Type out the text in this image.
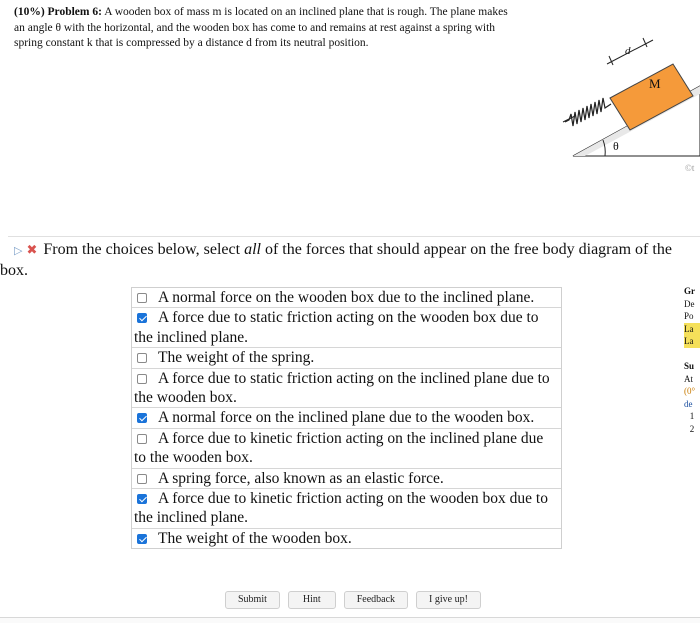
(10%) Problem 6: A wooden box of mass m is located on an inclined plane that is rough. The plane makes an angle θ with the horizontal, and the wooden box has come to and remains at rest against a spring with spring constant k that is compressed by a distance d from its neutral position.
M
d
θ
©t
▷ ✖ From the choices below, select all of the forces that should appear on the free body diagram of the
box.
A normal force on the wooden box due to the inclined plane.
A force due to static friction acting on the wooden box due to the inclined plane.
The weight of the spring.
A force due to static friction acting on the inclined plane due to the wooden box.
A normal force on the inclined plane due to the wooden box.
A force due to kinetic friction acting on the inclined plane due to the wooden box.
A spring force, also known as an elastic force.
A force due to kinetic friction acting on the wooden box due to the inclined plane.
The weight of the wooden box.
Submit	Hint	Feedback	I give up!
Gr
De
Po
La
La
Su
At
(0°
de
1
2
